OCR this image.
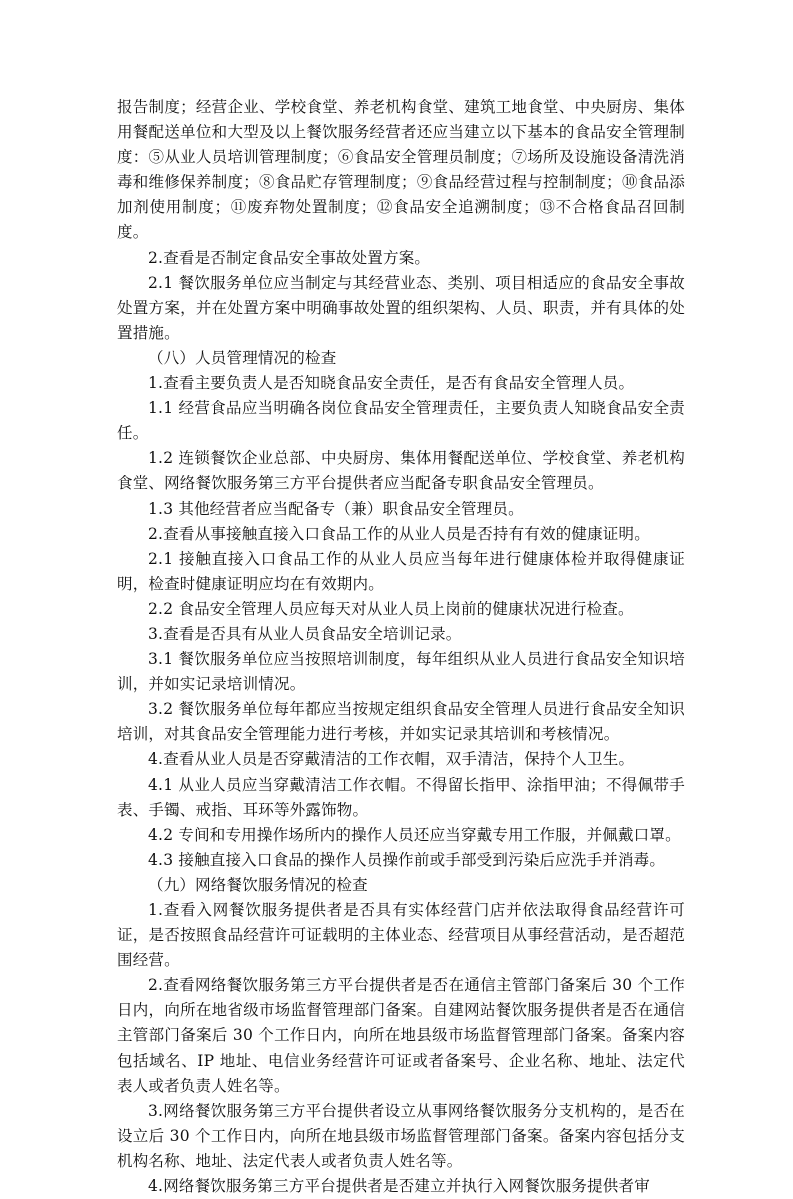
报告制度；经营企业、学校食堂、养老机构食堂、建筑工地食堂、中央厨房、集体用餐配送单位和大型及以上餐饮服务经营者还应当建立以下基本的食品安全管理制度：⑤从业人员培训管理制度；⑥食品安全管理员制度；⑦场所及设施设备清洗消毒和维修保养制度；⑧食品贮存管理制度；⑨食品经营过程与控制制度；⑩食品添加剂使用制度；⑪废弃物处置制度；⑫食品安全追溯制度；⑬不合格食品召回制度。

2.查看是否制定食品安全事故处置方案。

2.1 餐饮服务单位应当制定与其经营业态、类别、项目相适应的食品安全事故处置方案，并在处置方案中明确事故处置的组织架构、人员、职责，并有具体的处置措施。

（八）人员管理情况的检查

1.查看主要负责人是否知晓食品安全责任，是否有食品安全管理人员。

1.1 经营食品应当明确各岗位食品安全管理责任，主要负责人知晓食品安全责任。

1.2 连锁餐饮企业总部、中央厨房、集体用餐配送单位、学校食堂、养老机构食堂、网络餐饮服务第三方平台提供者应当配备专职食品安全管理员。

1.3 其他经营者应当配备专（兼）职食品安全管理员。

2.查看从事接触直接入口食品工作的从业人员是否持有有效的健康证明。

2.1 接触直接入口食品工作的从业人员应当每年进行健康体检并取得健康证明，检查时健康证明应均在有效期内。

2.2 食品安全管理人员应每天对从业人员上岗前的健康状况进行检查。

3.查看是否具有从业人员食品安全培训记录。

3.1 餐饮服务单位应当按照培训制度，每年组织从业人员进行食品安全知识培训，并如实记录培训情况。

3.2 餐饮服务单位每年都应当按规定组织食品安全管理人员进行食品安全知识培训，对其食品安全管理能力进行考核，并如实记录其培训和考核情况。

4.查看从业人员是否穿戴清洁的工作衣帽，双手清洁，保持个人卫生。

4.1 从业人员应当穿戴清洁工作衣帽。不得留长指甲、涂指甲油；不得佩带手表、手镯、戒指、耳环等外露饰物。

4.2 专间和专用操作场所内的操作人员还应当穿戴专用工作服，并佩戴口罩。

4.3 接触直接入口食品的操作人员操作前或手部受到污染后应洗手并消毒。

（九）网络餐饮服务情况的检查

1.查看入网餐饮服务提供者是否具有实体经营门店并依法取得食品经营许可证，是否按照食品经营许可证载明的主体业态、经营项目从事经营活动，是否超范围经营。

2.查看网络餐饮服务第三方平台提供者是否在通信主管部门备案后 30 个工作日内，向所在地省级市场监督管理部门备案。自建网站餐饮服务提供者是否在通信主管部门备案后 30 个工作日内，向所在地县级市场监督管理部门备案。备案内容包括域名、IP 地址、电信业务经营许可证或者备案号、企业名称、地址、法定代表人或者负责人姓名等。

3.网络餐饮服务第三方平台提供者设立从事网络餐饮服务分支机构的，是否在设立后 30 个工作日内，向所在地县级市场监督管理部门备案。备案内容包括分支机构名称、地址、法定代表人或者负责人姓名等。

4.网络餐饮服务第三方平台提供者是否建立并执行入网餐饮服务提供者审
